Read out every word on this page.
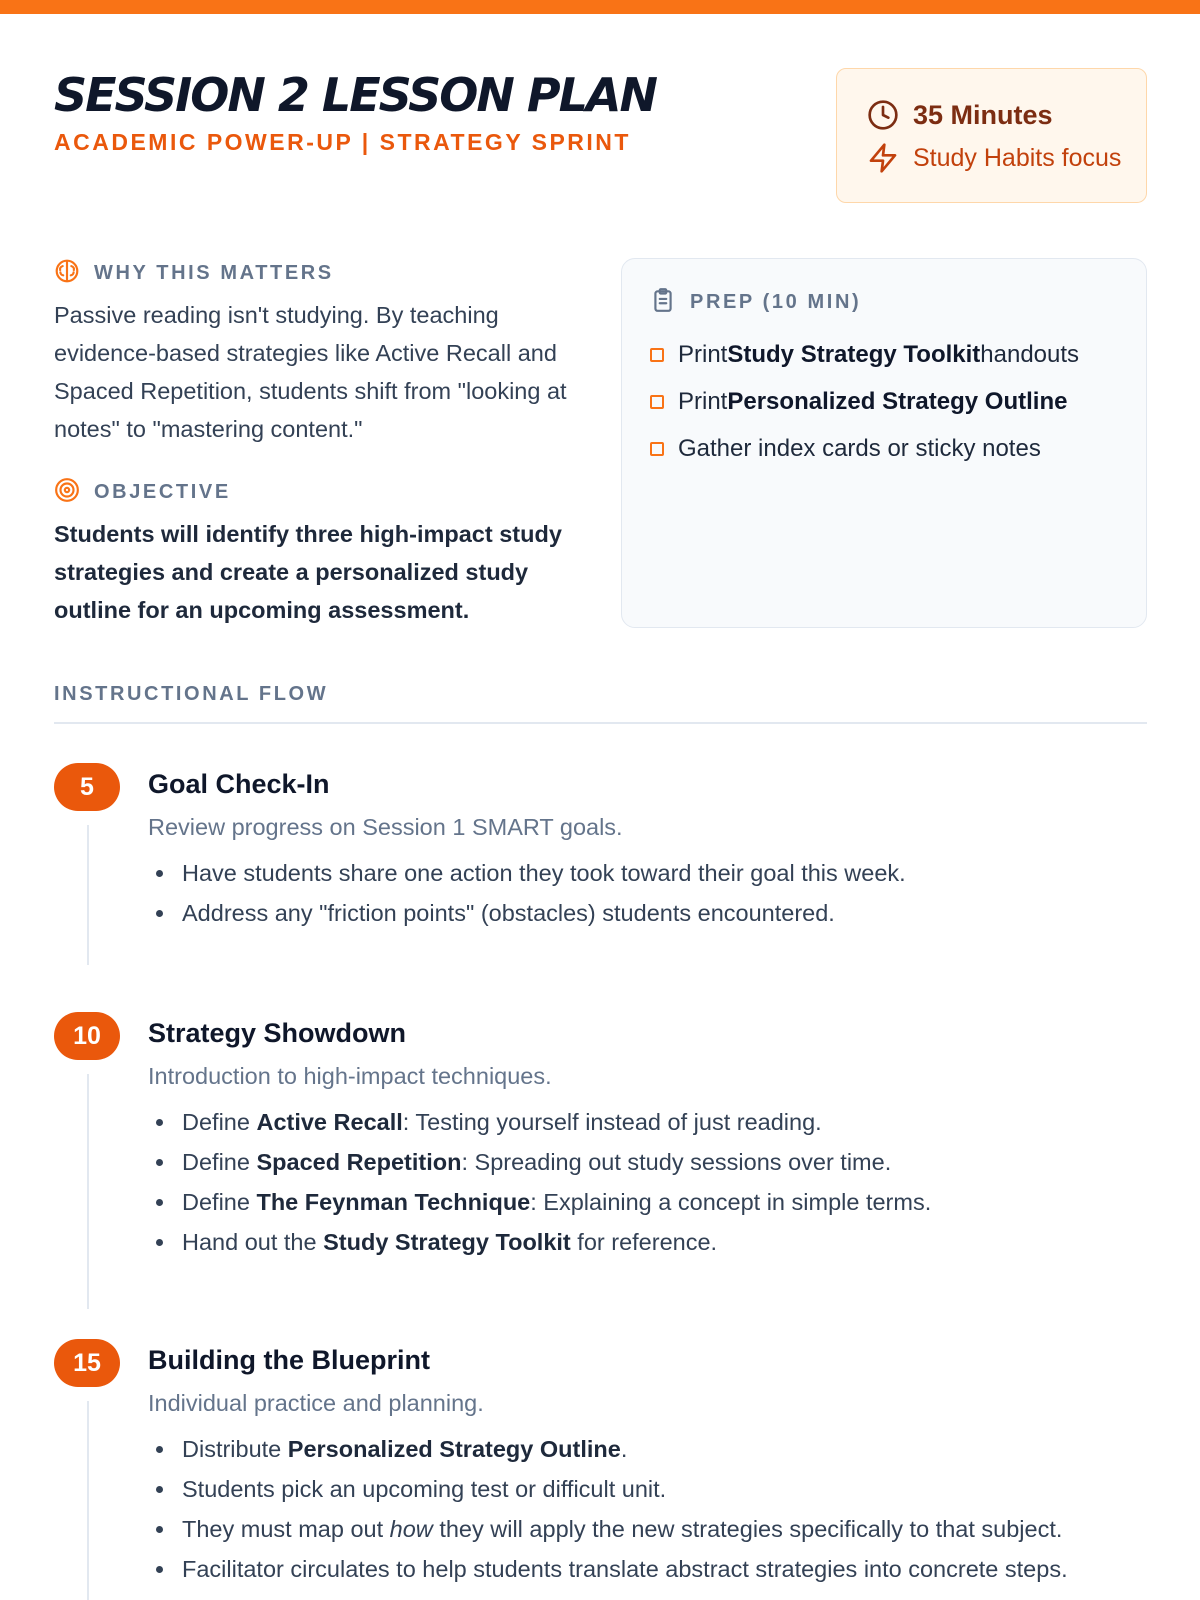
SESSION 2 LESSON PLAN
ACADEMIC POWER-UP | STRATEGY SPRINT
35 Minutes
Study Habits focus
WHY THIS MATTERS

Passive reading isn't studying. By teaching evidence-based strategies like Active Recall and Spaced Repetition, students shift from "looking at notes" to "mastering content."

OBJECTIVE

Students will identify three high-impact study strategies and create a personalized study outline for an upcoming assessment.

PREP (10 MIN)
Print Study Strategy Toolkit handouts
Print Personalized Strategy Outline
Gather index cards or sticky notes
INSTRUCTIONAL FLOW
5	Goal Check-In
Review progress on Session 1 SMART goals.
Have students share one action they took toward their goal this week.
Address any "friction points" (obstacles) students encountered.
10	Strategy Showdown
Introduction to high-impact techniques.
Define Active Recall: Testing yourself instead of just reading.
Define Spaced Repetition: Spreading out study sessions over time.
Define The Feynman Technique: Explaining a concept in simple terms.
Hand out the Study Strategy Toolkit for reference.
15	Building the Blueprint
Individual practice and planning.
Distribute Personalized Strategy Outline.
Students pick an upcoming test or difficult unit.
They must map out how they will apply the new strategies specifically to that subject.
Facilitator circulates to help students translate abstract strategies into concrete steps.
